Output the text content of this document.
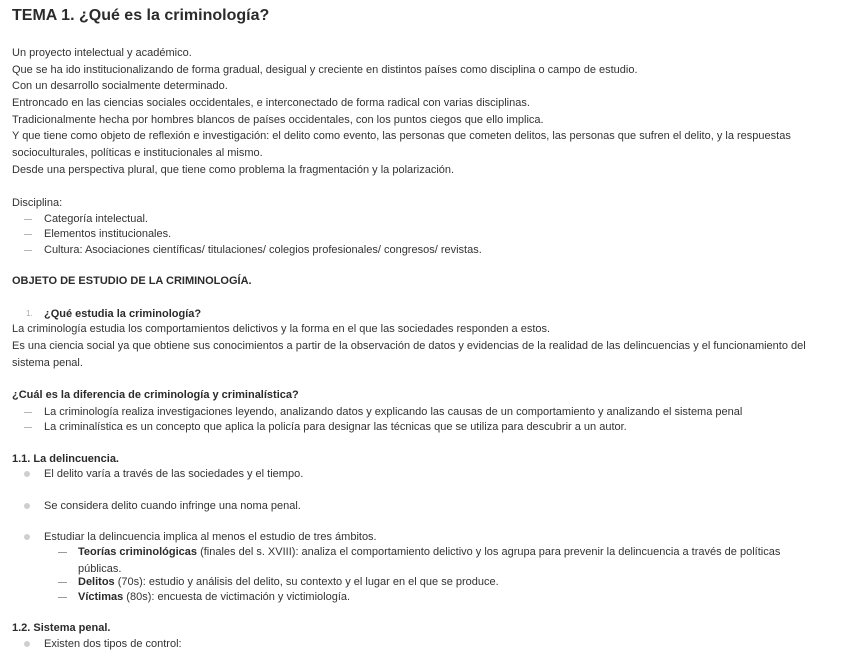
TEMA 1. ¿Qué es la criminología?

Un proyecto intelectual y académico.

Que se ha ido institucionalizando de forma gradual, desigual y creciente en distintos países como disciplina o campo de estudio.

Con un desarrollo socialmente determinado.

Entroncado en las ciencias sociales occidentales, e interconectado de forma radical con varias disciplinas.

Tradicionalmente hecha por hombres blancos de países occidentales, con los puntos ciegos que ello implica.

Y que tiene como objeto de reflexión e investigación: el delito como evento, las personas que cometen delitos, las personas que sufren el delito, y la respuestas socioculturales, políticas e institucionales al mismo.

Desde una perspectiva plural, que tiene como problema la fragmentación y la polarización.

Disciplina:

Categoría intelectual.

Elementos institucionales.

Cultura: Asociaciones científicas/ titulaciones/ colegios profesionales/ congresos/ revistas.

OBJETO DE ESTUDIO DE LA CRIMINOLOGÍA.

1. ¿Qué estudia la criminología?

La criminología estudia los comportamientos delictivos y la forma en el que las sociedades responden a estos.

Es una ciencia social ya que obtiene sus conocimientos a partir de la observación de datos y evidencias de la realidad de las delincuencias y el funcionamiento del sistema penal.

¿Cuál es la diferencia de criminología y criminalística?

La criminología realiza investigaciones leyendo, analizando datos y explicando las causas de un comportamiento y analizando el sistema penal

La criminalística es un concepto que aplica la policía para designar las técnicas que se utiliza para descubrir a un autor.

1.1. La delincuencia.

El delito varía a través de las sociedades y el tiempo.

Se considera delito cuando infringe una noma penal.

Estudiar la delincuencia implica al menos el estudio de tres ámbitos.

Teorías criminológicas (finales del s. XVIII): analiza el comportamiento delictivo y los agrupa para prevenir la delincuencia a través de políticas públicas.

Delitos (70s): estudio y análisis del delito, su contexto y el lugar en el que se produce.

Víctimas (80s): encuesta de victimación y victimiología.

1.2. Sistema penal.

Existen dos tipos de control:
